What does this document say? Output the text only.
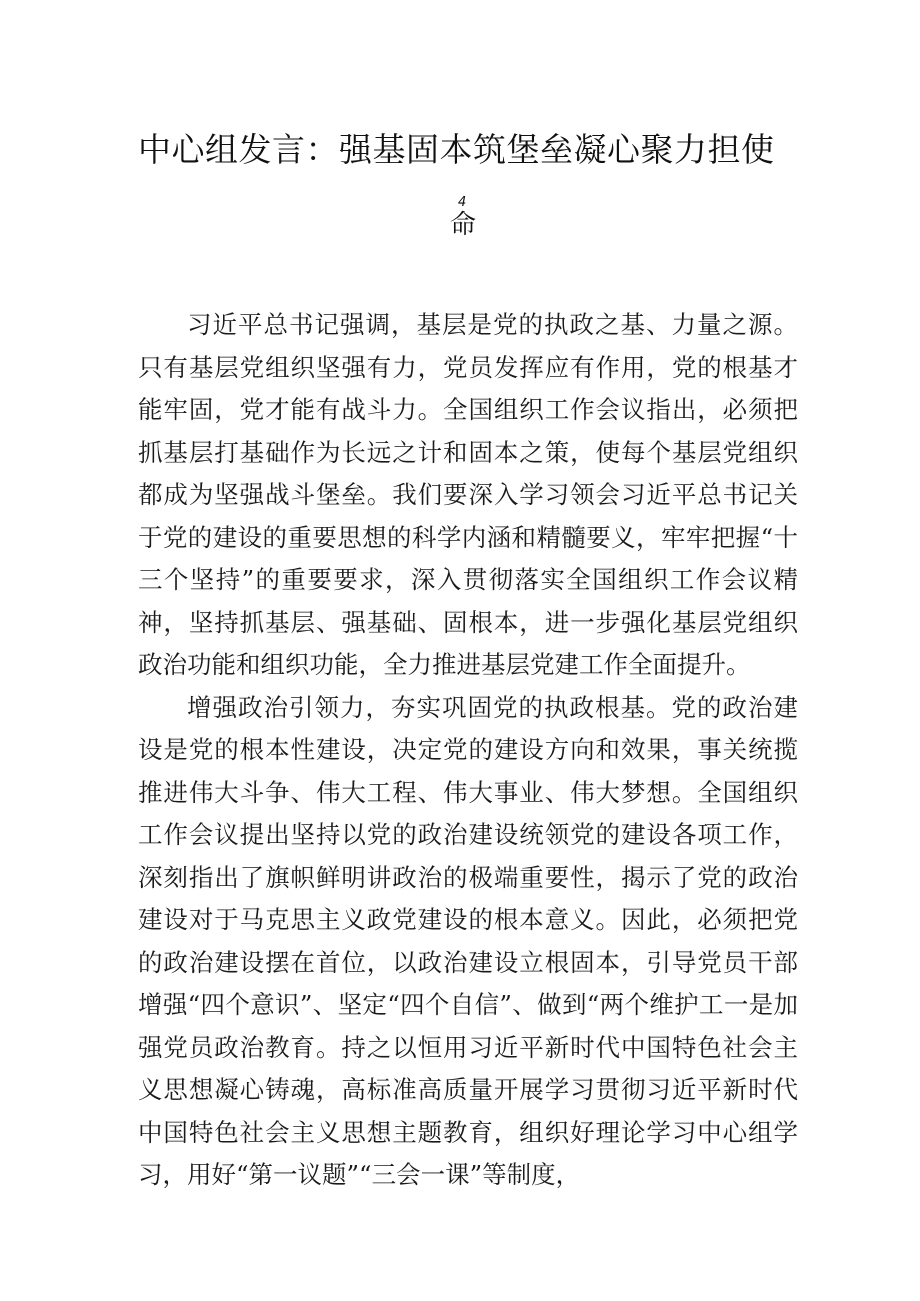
中心组发言：强基固本筑堡垒凝心聚力担使
4
命

习近平总书记强调，基层是党的执政之基、力量之源。只有基层党组织坚强有力，党员发挥应有作用，党的根基才能牢固，党才能有战斗力。全国组织工作会议指出，必须把抓基层打基础作为长远之计和固本之策，使每个基层党组织都成为坚强战斗堡垒。我们要深入学习领会习近平总书记关于党的建设的重要思想的科学内涵和精髓要义，牢牢把握“十三个坚持”的重要要求，深入贯彻落实全国组织工作会议精神，坚持抓基层、强基础、固根本，进一步强化基层党组织政治功能和组织功能，全力推进基层党建工作全面提升。

增强政治引领力，夯实巩固党的执政根基。党的政治建设是党的根本性建设，决定党的建设方向和效果，事关统揽推进伟大斗争、伟大工程、伟大事业、伟大梦想。全国组织工作会议提出坚持以党的政治建设统领党的建设各项工作，深刻指出了旗帜鲜明讲政治的极端重要性，揭示了党的政治建设对于马克思主义政党建设的根本意义。因此，必须把党的政治建设摆在首位，以政治建设立根固本，引导党员干部增强“四个意识”、坚定“四个自信”、做到“两个维护工一是加强党员政治教育。持之以恒用习近平新时代中国特色社会主义思想凝心铸魂，高标准高质量开展学习贯彻习近平新时代中国特色社会主义思想主题教育，组织好理论学习中心组学习，用好“第一议题”“三会一课”等制度，
